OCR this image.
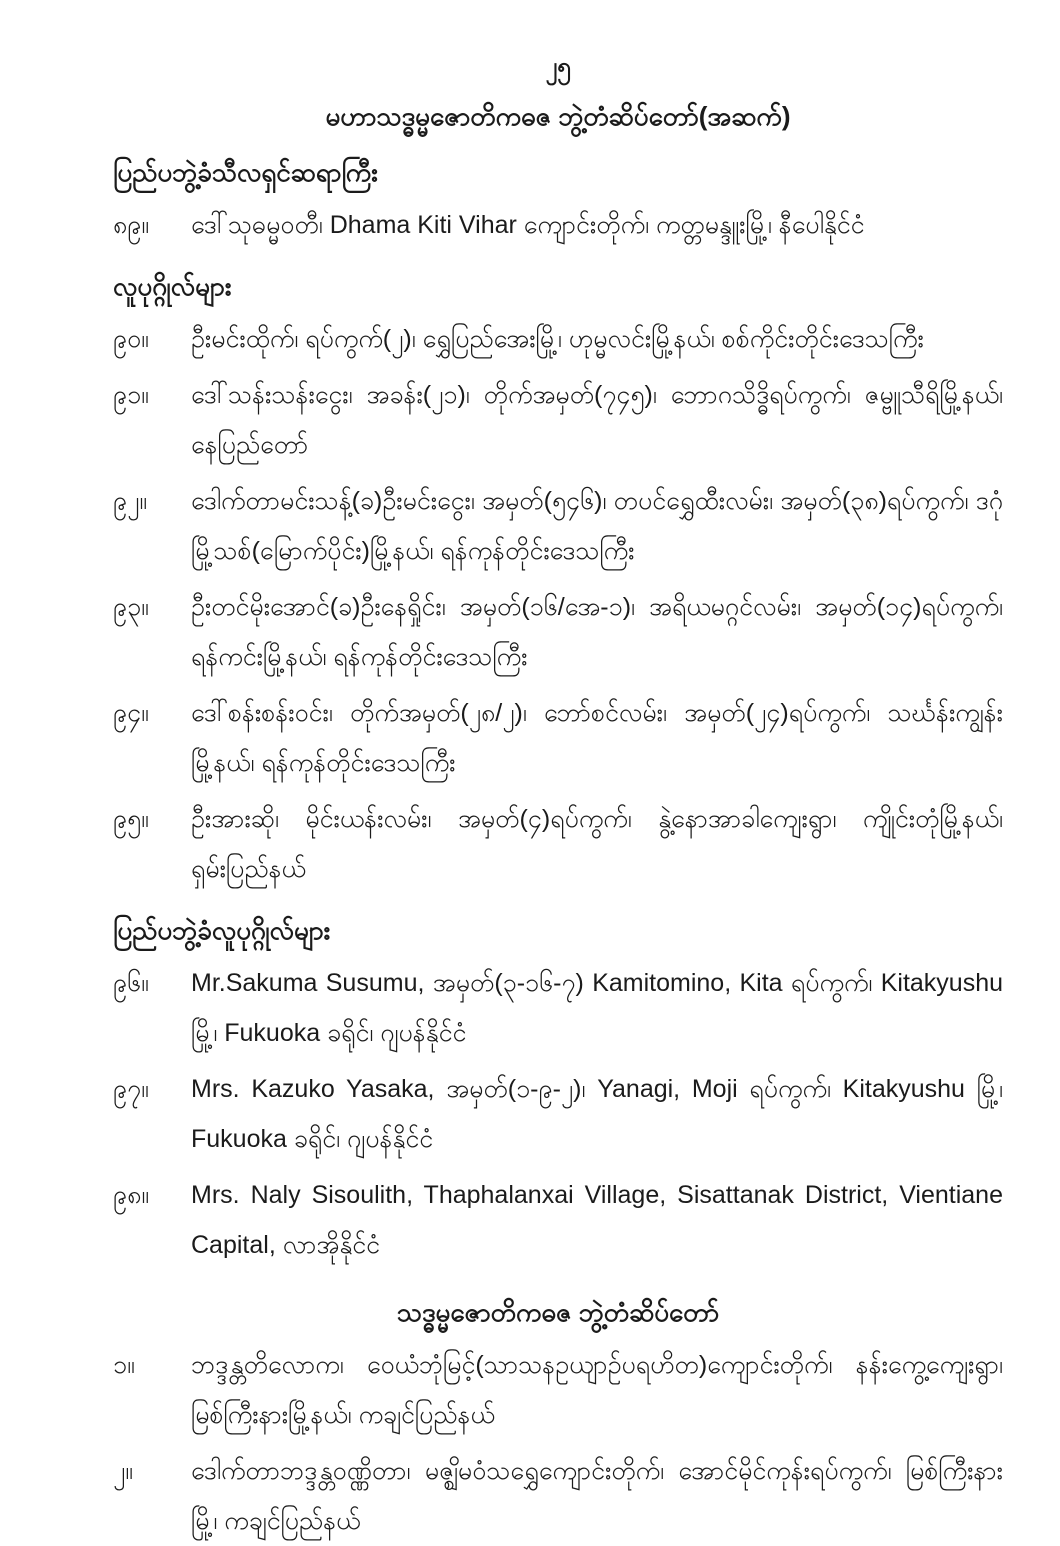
၂၅
မဟာသဒ္ဓမ္မဇောတိကဓဇ ဘွဲ့တံဆိပ်တော်(အဆက်)
ပြည်ပဘွဲ့ခံသီလရှင်ဆရာကြီး
၈၉။	ဒေါ်သုဓမ္မဝတီ၊ Dhama Kiti Vihar ကျောင်းတိုက်၊ ကတ္တမန္ဒူးမြို့၊ နီပေါနိုင်ငံ
လူပုဂ္ဂိုလ်များ
၉၀။	ဦးမင်းထိုက်၊ ရပ်ကွက်(၂)၊ ရွှေပြည်အေးမြို့၊ ဟုမ္မလင်းမြို့နယ်၊ စစ်ကိုင်းတိုင်းဒေသကြီး
၉၁။	ဒေါ်သန်းသန်းငွေး၊ အခန်း(၂၁)၊ တိုက်အမှတ်(၇၄၅)၊ ဘောဂသိဒ္ဓိရပ်ကွက်၊ ဇမ္ဗူသီရိမြို့နယ်၊ နေပြည်တော်
၉၂။	ဒေါက်တာမင်းသန့်(ခ)ဦးမင်းငွေး၊ အမှတ်(၅၄၆)၊ တပင်ရွှေထီးလမ်း၊ အမှတ်(၃၈)ရပ်ကွက်၊ ဒဂုံမြို့သစ်(မြောက်ပိုင်း)မြို့နယ်၊ ရန်ကုန်တိုင်းဒေသကြီး
၉၃။	ဦးတင်မိုးအောင်(ခ)ဦးနေရှိုင်း၊ အမှတ်(၁၆/အေ-၁)၊ အရိယမဂ္ဂင်လမ်း၊ အမှတ်(၁၄)ရပ်ကွက်၊ ရန်ကင်းမြို့နယ်၊ ရန်ကုန်တိုင်းဒေသကြီး
၉၄။	ဒေါ်စန်းစန်းဝင်း၊ တိုက်အမှတ်(၂၈/၂)၊ ဘော်စင်လမ်း၊ အမှတ်(၂၄)ရပ်ကွက်၊ သင်္ဃန်းကျွန်းမြို့နယ်၊ ရန်ကုန်တိုင်းဒေသကြီး
၉၅။	ဦးအားဆို၊ မိုင်းယန်းလမ်း၊ အမှတ်(၄)ရပ်ကွက်၊ နွဲ့နောအာခါကျေးရွာ၊ ကျိုင်းတုံမြို့နယ်၊ ရှမ်းပြည်နယ်
ပြည်ပဘွဲ့ခံလူပုဂ္ဂိုလ်များ
၉၆။	Mr.Sakuma Susumu, အမှတ်(၃-၁၆-၇) Kamitomino, Kita ရပ်ကွက်၊ Kitakyushu မြို့၊ Fukuoka ခရိုင်၊ ဂျပန်နိုင်ငံ
၉၇။	Mrs. Kazuko Yasaka, အမှတ်(၁-၉-၂)၊ Yanagi, Moji ရပ်ကွက်၊ Kitakyushu မြို့၊ Fukuoka ခရိုင်၊ ဂျပန်နိုင်ငံ
၉၈။	Mrs. Naly Sisoulith, Thaphalanxai Village, Sisattanak District, Vientiane Capital, လာအိုနိုင်ငံ
သဒ္ဓမ္မဇောတိကဓဇ ဘွဲ့တံဆိပ်တော်
၁။	ဘဒ္ဒန္တတိလောက၊ ဝေယံဘုံမြင့်(သာသနဥယျာဉ်ပရဟိတ)ကျောင်းတိုက်၊ နန်းကွေ့ကျေးရွာ၊ မြစ်ကြီးနားမြို့နယ်၊ ကချင်ပြည်နယ်
၂။	ဒေါက်တာဘဒ္ဒန္တဝဏ္ဏိတာ၊ မဇ္ဈိမဝံသရွှေကျောင်းတိုက်၊ အောင်မိုင်ကုန်းရပ်ကွက်၊ မြစ်ကြီးနားမြို့၊ ကချင်ပြည်နယ်
